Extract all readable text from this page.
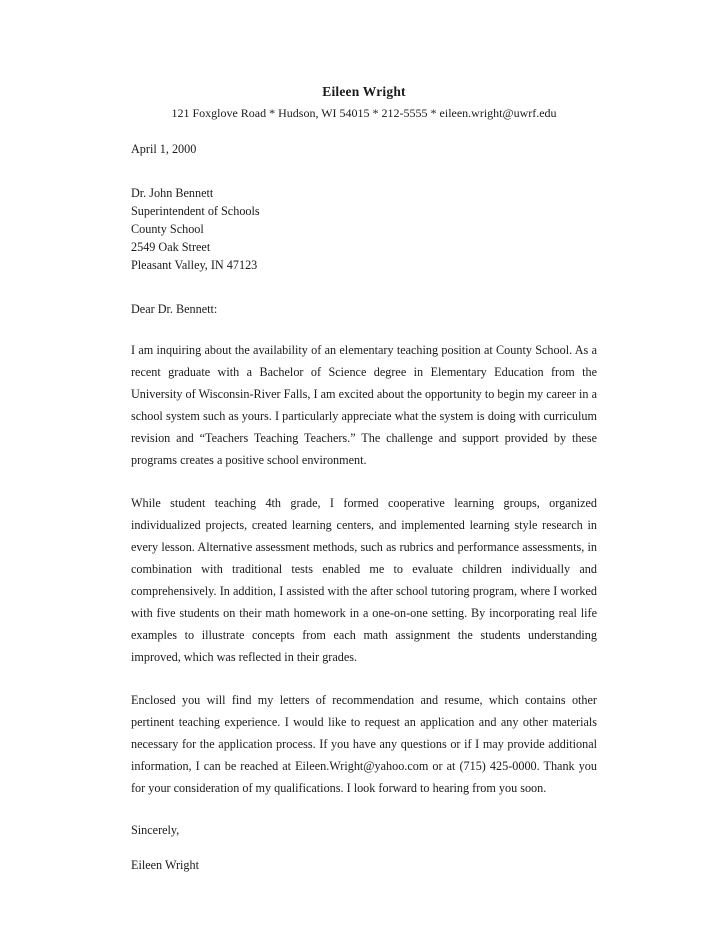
Eileen Wright
121 Foxglove Road * Hudson, WI 54015 * 212-5555 * eileen.wright@uwrf.edu
April 1, 2000
Dr. John Bennett
Superintendent of Schools
County School
2549 Oak Street
Pleasant Valley, IN 47123
Dear Dr. Bennett:

I am inquiring about the availability of an elementary teaching position at County School. As a recent graduate with a Bachelor of Science degree in Elementary Education from the University of Wisconsin-River Falls, I am excited about the opportunity to begin my career in a school system such as yours. I particularly appreciate what the system is doing with curriculum revision and “Teachers Teaching Teachers.” The challenge and support provided by these programs creates a positive school environment.

While student teaching 4th grade, I formed cooperative learning groups, organized individualized projects, created learning centers, and implemented learning style research in every lesson. Alternative assessment methods, such as rubrics and performance assessments, in combination with traditional tests enabled me to evaluate children individually and comprehensively. In addition, I assisted with the after school tutoring program, where I worked with five students on their math homework in a one-on-one setting. By incorporating real life examples to illustrate concepts from each math assignment the students understanding improved, which was reflected in their grades.

Enclosed you will find my letters of recommendation and resume, which contains other pertinent teaching experience. I would like to request an application and any other materials necessary for the application process. If you have any questions or if I may provide additional information, I can be reached at Eileen.Wright@yahoo.com or at (715) 425-0000. Thank you for your consideration of my qualifications. I look forward to hearing from you soon.

Sincerely,
Eileen Wright
